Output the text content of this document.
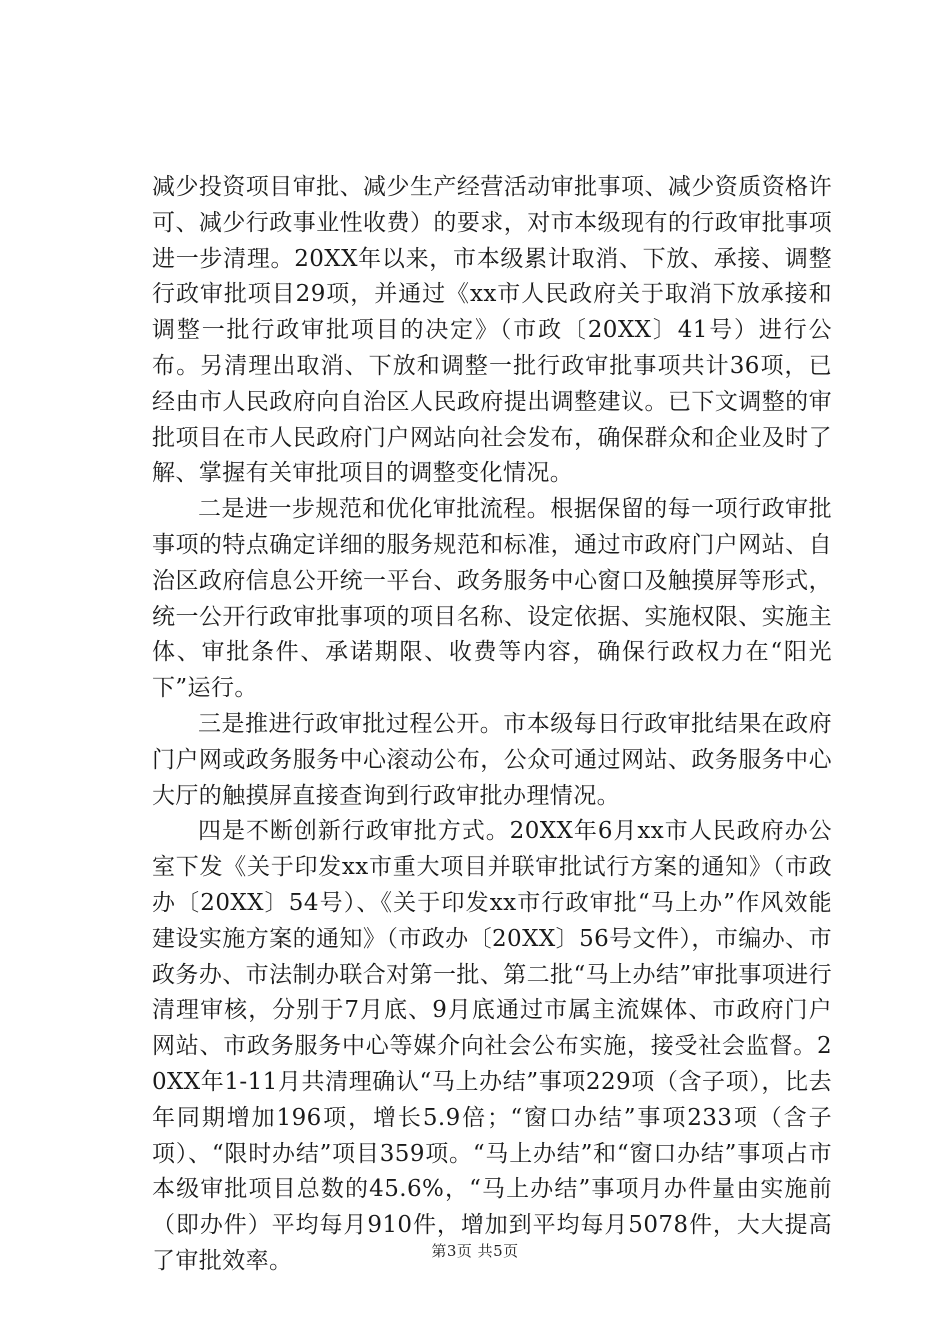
减少投资项目审批、减少生产经营活动审批事项、减少资质资格许可、减少行政事业性收费）的要求，对市本级现有的行政审批事项进一步清理。20XX年以来，市本级累计取消、下放、承接、调整行政审批项目29项，并通过《xx市人民政府关于取消下放承接和调整一批行政审批项目的决定》（市政〔20XX〕41号）进行公布。另清理出取消、下放和调整一批行政审批事项共计36项，已经由市人民政府向自治区人民政府提出调整建议。已下文调整的审批项目在市人民政府门户网站向社会发布，确保群众和企业及时了解、掌握有关审批项目的调整变化情况。

二是进一步规范和优化审批流程。根据保留的每一项行政审批事项的特点确定详细的服务规范和标准，通过市政府门户网站、自治区政府信息公开统一平台、政务服务中心窗口及触摸屏等形式，统一公开行政审批事项的项目名称、设定依据、实施权限、实施主体、审批条件、承诺期限、收费等内容，确保行政权力在“阳光下”运行。

三是推进行政审批过程公开。市本级每日行政审批结果在政府门户网或政务服务中心滚动公布，公众可通过网站、政务服务中心大厅的触摸屏直接查询到行政审批办理情况。

四是不断创新行政审批方式。20XX年6月xx市人民政府办公室下发《关于印发xx市重大项目并联审批试行方案的通知》（市政办〔20XX〕54号）、《关于印发xx市行政审批“马上办”作风效能建设实施方案的通知》（市政办〔20XX〕56号文件），市编办、市政务办、市法制办联合对第一批、第二批“马上办结”审批事项进行清理审核，分别于7月底、9月底通过市属主流媒体、市政府门户网站、市政务服务中心等媒介向社会公布实施，接受社会监督。20XX年1-11月共清理确认“马上办结”事项229项（含子项），比去年同期增加196项，增长5.9倍；“窗口办结”事项233项（含子项）、“限时办结”项目359项。“马上办结”和“窗口办结”事项占市本级审批项目总数的45.6%，“马上办结”事项月办件量由实施前（即办件）平均每月910件，增加到平均每月5078件，大大提高了审批效率。	第3页 共5页
